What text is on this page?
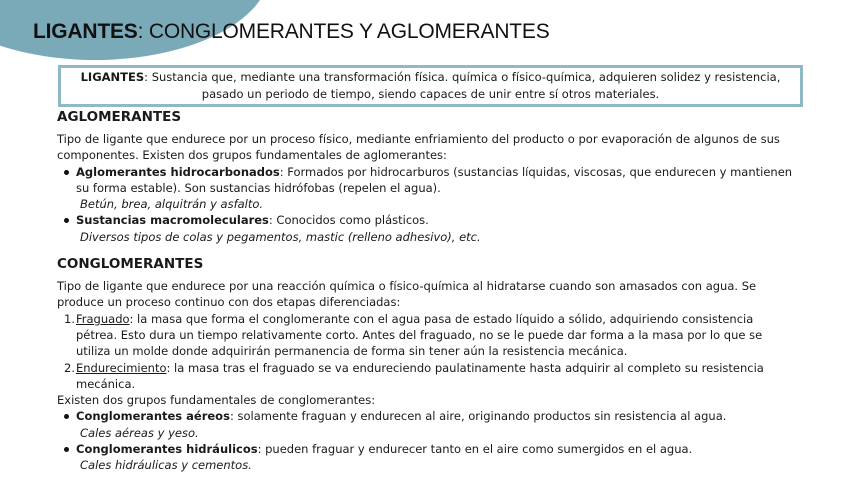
LIGANTES: CONGLOMERANTES Y AGLOMERANTES
LIGANTES: Sustancia que, mediante una transformación física. química o físico-química, adquieren solidez y resistencia, pasado un periodo de tiempo, siendo capaces de unir entre sí otros materiales.
AGLOMERANTES

Tipo de ligante que endurece por un proceso físico, mediante enfriamiento del producto o por evaporación de algunos de sus componentes. Existen dos grupos fundamentales de aglomerantes:

Aglomerantes hidrocarbonados: Formados por hidrocarburos (sustancias líquidas, viscosas, que endurecen y mantienen su forma estable). Son sustancias hidrófobas (repelen el agua).
Betún, brea, alquitrán y asfalto.
Sustancias macromoleculares: Conocidos como plásticos.
Diversos tipos de colas y pegamentos, mastic (relleno adhesivo), etc.
CONGLOMERANTES

Tipo de ligante que endurece por una reacción química o físico-química al hidratarse cuando son amasados con agua. Se produce un proceso continuo con dos etapas diferenciadas:

1. Fraguado: la masa que forma el conglomerante con el agua pasa de estado líquido a sólido, adquiriendo consistencia pétrea. Esto dura un tiempo relativamente corto. Antes del fraguado, no se le puede dar forma a la masa por lo que se utiliza un molde donde adquirirán permanencia de forma sin tener aún la resistencia mecánica.
2. Endurecimiento: la masa tras el fraguado se va endureciendo paulatinamente hasta adquirir al completo su resistencia mecánica.

Existen dos grupos fundamentales de conglomerantes:

Conglomerantes aéreos: solamente fraguan y endurecen al aire, originando productos sin resistencia al agua.
Cales aéreas y yeso.
Conglomerantes hidráulicos: pueden fraguar y endurecer tanto en el aire como sumergidos en el agua.
Cales hidráulicas y cementos.
